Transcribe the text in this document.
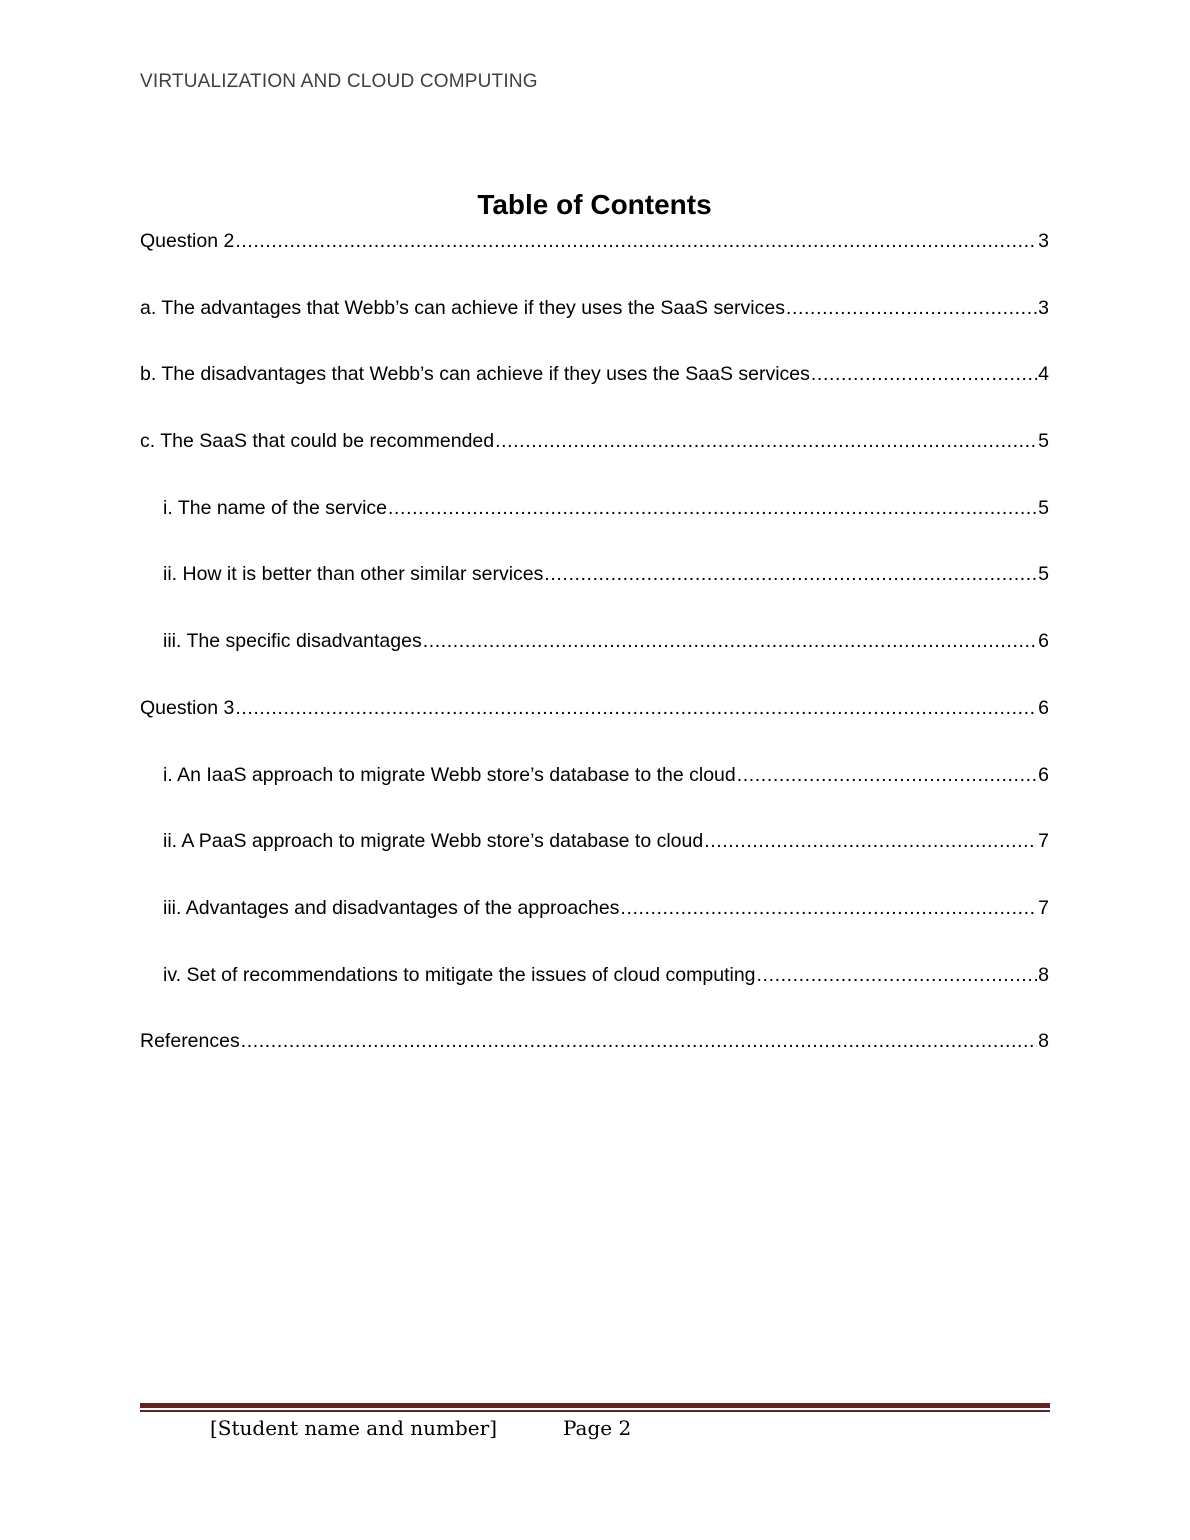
VIRTUALIZATION AND CLOUD COMPUTING
Table of Contents
Question 2 .....	3
a. The advantages that Webb’s can achieve if they uses the SaaS services .....	3
b. The disadvantages that Webb’s can achieve if they uses the SaaS services .....	4
c. The SaaS that could be recommended .....	5
i. The name of the service .....	5
ii. How it is better than other similar services .....	5
iii. The specific disadvantages .....	6
Question 3 .....	6
i. An IaaS approach to migrate Webb store’s database to the cloud .....	6
ii. A PaaS approach to migrate Webb store’s database to cloud .....	7
iii. Advantages and disadvantages of the approaches .....	7
iv. Set of recommendations to mitigate the issues of cloud computing .....	8
References .....	8
[Student name and number]	Page 2
